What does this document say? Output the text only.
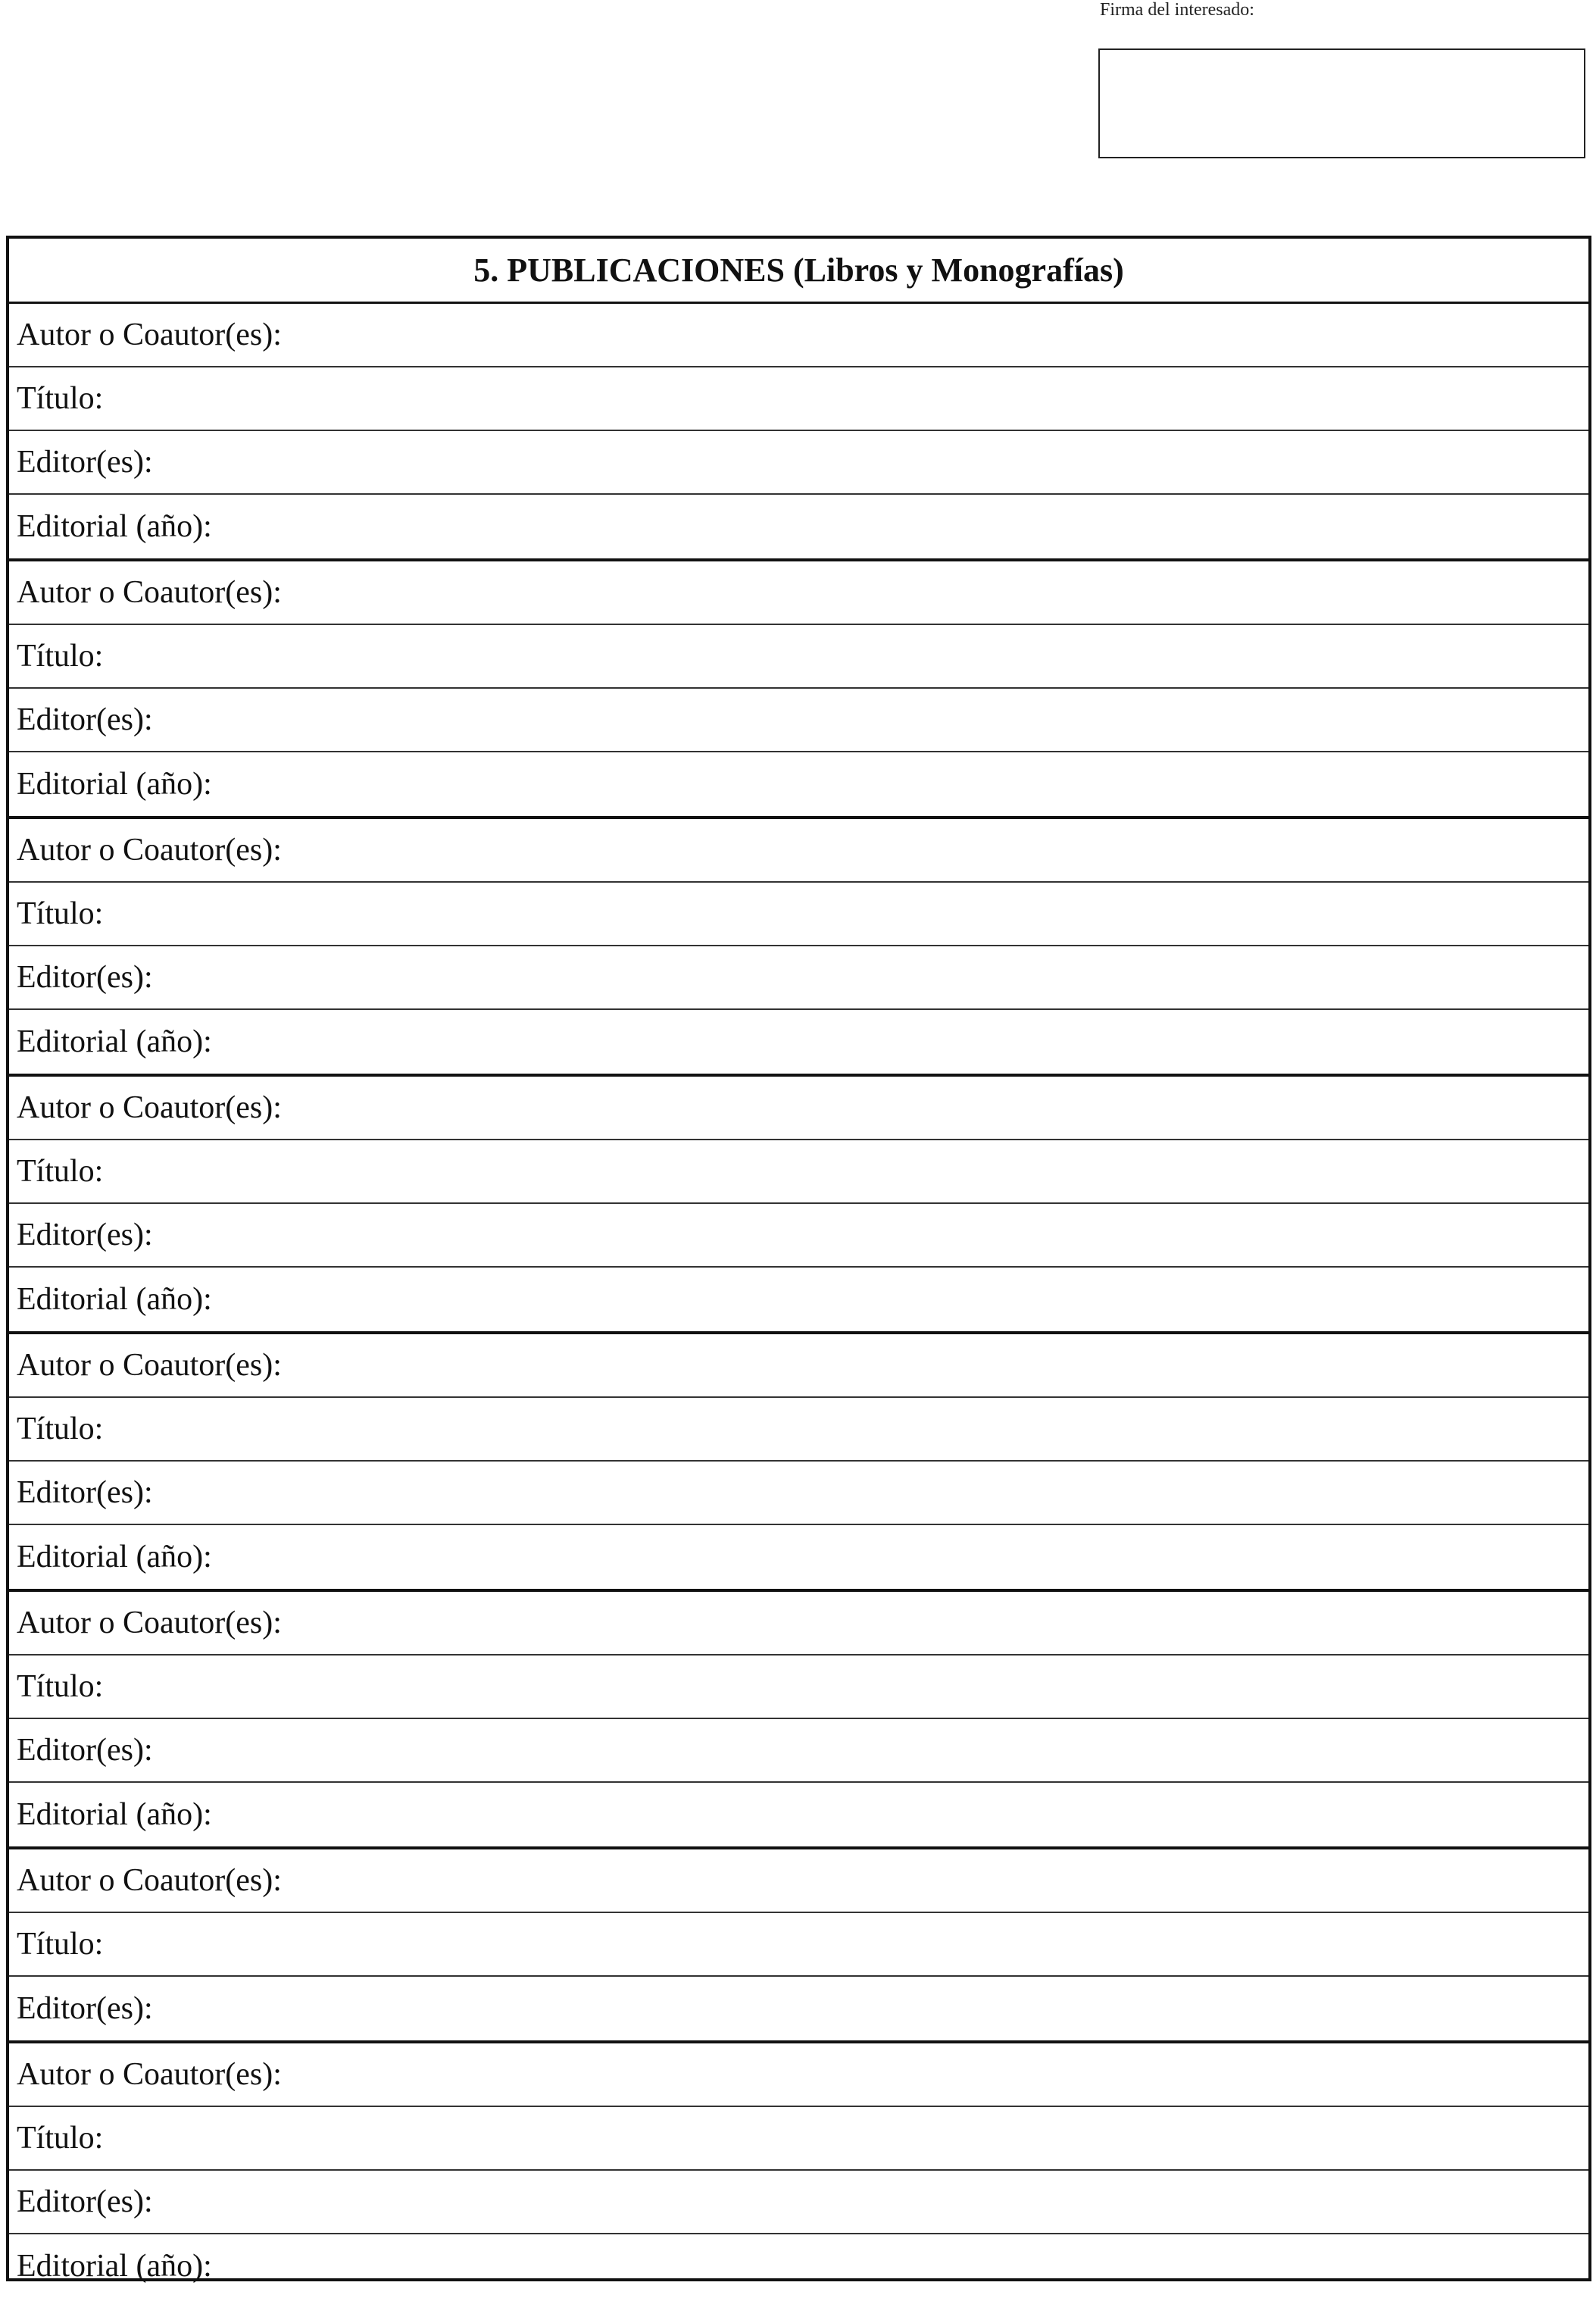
Firma del interesado:
5. PUBLICACIONES (Libros y Monografías)
Autor o Coautor(es):
Título:
Editor(es):
Editorial (año):
Autor o Coautor(es):
Título:
Editor(es):
Editorial (año):
Autor o Coautor(es):
Título:
Editor(es):
Editorial (año):
Autor o Coautor(es):
Título:
Editor(es):
Editorial (año):
Autor o Coautor(es):
Título:
Editor(es):
Editorial (año):
Autor o Coautor(es):
Título:
Editor(es):
Editorial (año):
Autor o Coautor(es):
Título:
Editor(es):
Autor o Coautor(es):
Título:
Editor(es):
Editorial (año):
